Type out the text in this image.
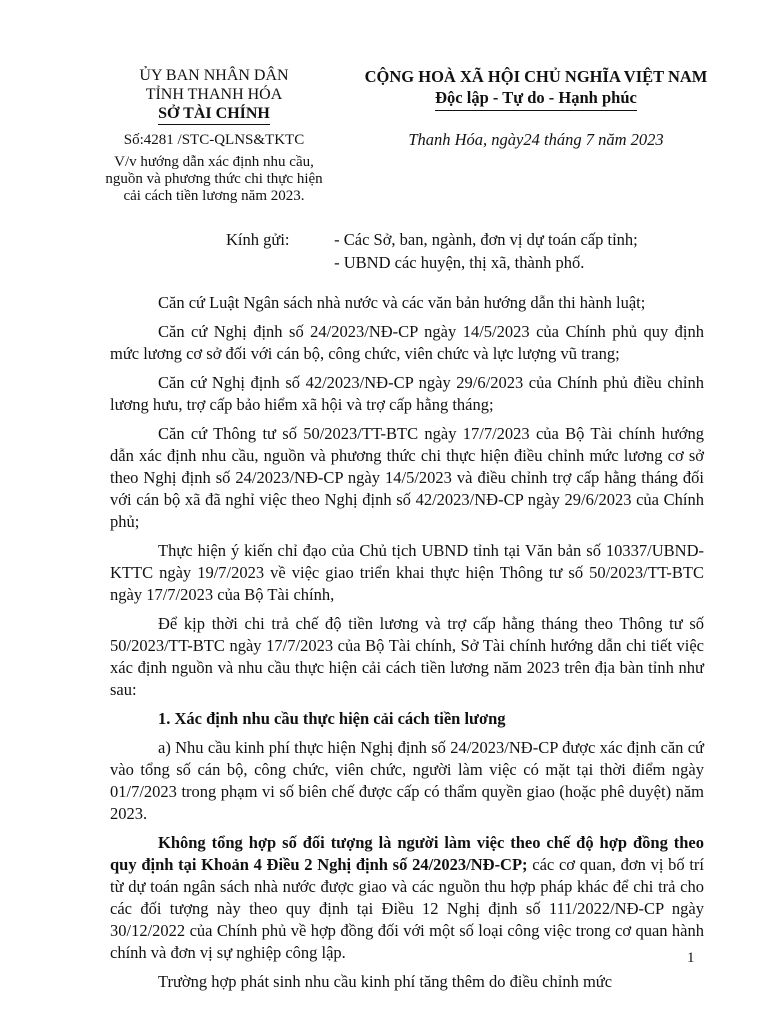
ỦY BAN NHÂN DÂN
TỈNH THANH HÓA
SỞ TÀI CHÍNH
Số:4281 /STC-QLNS&TKTC
V/v hướng dẫn xác định nhu cầu,
nguồn và phương thức chi thực hiện
cải cách tiền lương năm 2023.
CỘNG HOÀ XÃ HỘI CHỦ NGHĨA VIỆT NAM
Độc lập - Tự do - Hạnh phúc
Thanh Hóa, ngày24 tháng 7 năm 2023
Kính gửi:	- Các Sở, ban, ngành, đơn vị dự toán cấp tỉnh;
- UBND các huyện, thị xã, thành phố.

Căn cứ Luật Ngân sách nhà nước và các văn bản hướng dẫn thi hành luật;

Căn cứ Nghị định số 24/2023/NĐ-CP ngày 14/5/2023 của Chính phủ quy định mức lương cơ sở đối với cán bộ, công chức, viên chức và lực lượng vũ trang;

Căn cứ Nghị định số 42/2023/NĐ-CP ngày 29/6/2023 của Chính phủ điều chỉnh lương hưu, trợ cấp bảo hiểm xã hội và trợ cấp hằng tháng;

Căn cứ Thông tư số 50/2023/TT-BTC ngày 17/7/2023 của Bộ Tài chính hướng dẫn xác định nhu cầu, nguồn và phương thức chi thực hiện điều chỉnh mức lương cơ sở theo Nghị định số 24/2023/NĐ-CP ngày 14/5/2023 và điều chỉnh trợ cấp hằng tháng đối với cán bộ xã đã nghỉ việc theo Nghị định số 42/2023/NĐ-CP ngày 29/6/2023 của Chính phủ;

Thực hiện ý kiến chỉ đạo của Chủ tịch UBND tỉnh tại Văn bản số 10337/UBND-KTTC ngày 19/7/2023 về việc giao triển khai thực hiện Thông tư số 50/2023/TT-BTC ngày 17/7/2023 của Bộ Tài chính,

Để kịp thời chi trả chế độ tiền lương và trợ cấp hằng tháng theo Thông tư số 50/2023/TT-BTC ngày 17/7/2023 của Bộ Tài chính, Sở Tài chính hướng dẫn chi tiết việc xác định nguồn và nhu cầu thực hiện cải cách tiền lương năm 2023 trên địa bàn tỉnh như sau:

1. Xác định nhu cầu thực hiện cải cách tiền lương

a) Nhu cầu kinh phí thực hiện Nghị định số 24/2023/NĐ-CP được xác định căn cứ vào tổng số cán bộ, công chức, viên chức, người làm việc có mặt tại thời điểm ngày 01/7/2023 trong phạm vi số biên chế được cấp có thẩm quyền giao (hoặc phê duyệt) năm 2023.

Không tổng hợp số đối tượng là người làm việc theo chế độ hợp đồng theo quy định tại Khoản 4 Điều 2 Nghị định số 24/2023/NĐ-CP; các cơ quan, đơn vị bố trí từ dự toán ngân sách nhà nước được giao và các nguồn thu hợp pháp khác để chi trả cho các đối tượng này theo quy định tại Điều 12 Nghị định số 111/2022/NĐ-CP ngày 30/12/2022 của Chính phủ về hợp đồng đối với một số loại công việc trong cơ quan hành chính và đơn vị sự nghiệp công lập.

Trường hợp phát sinh nhu cầu kinh phí tăng thêm do điều chỉnh mức

1
